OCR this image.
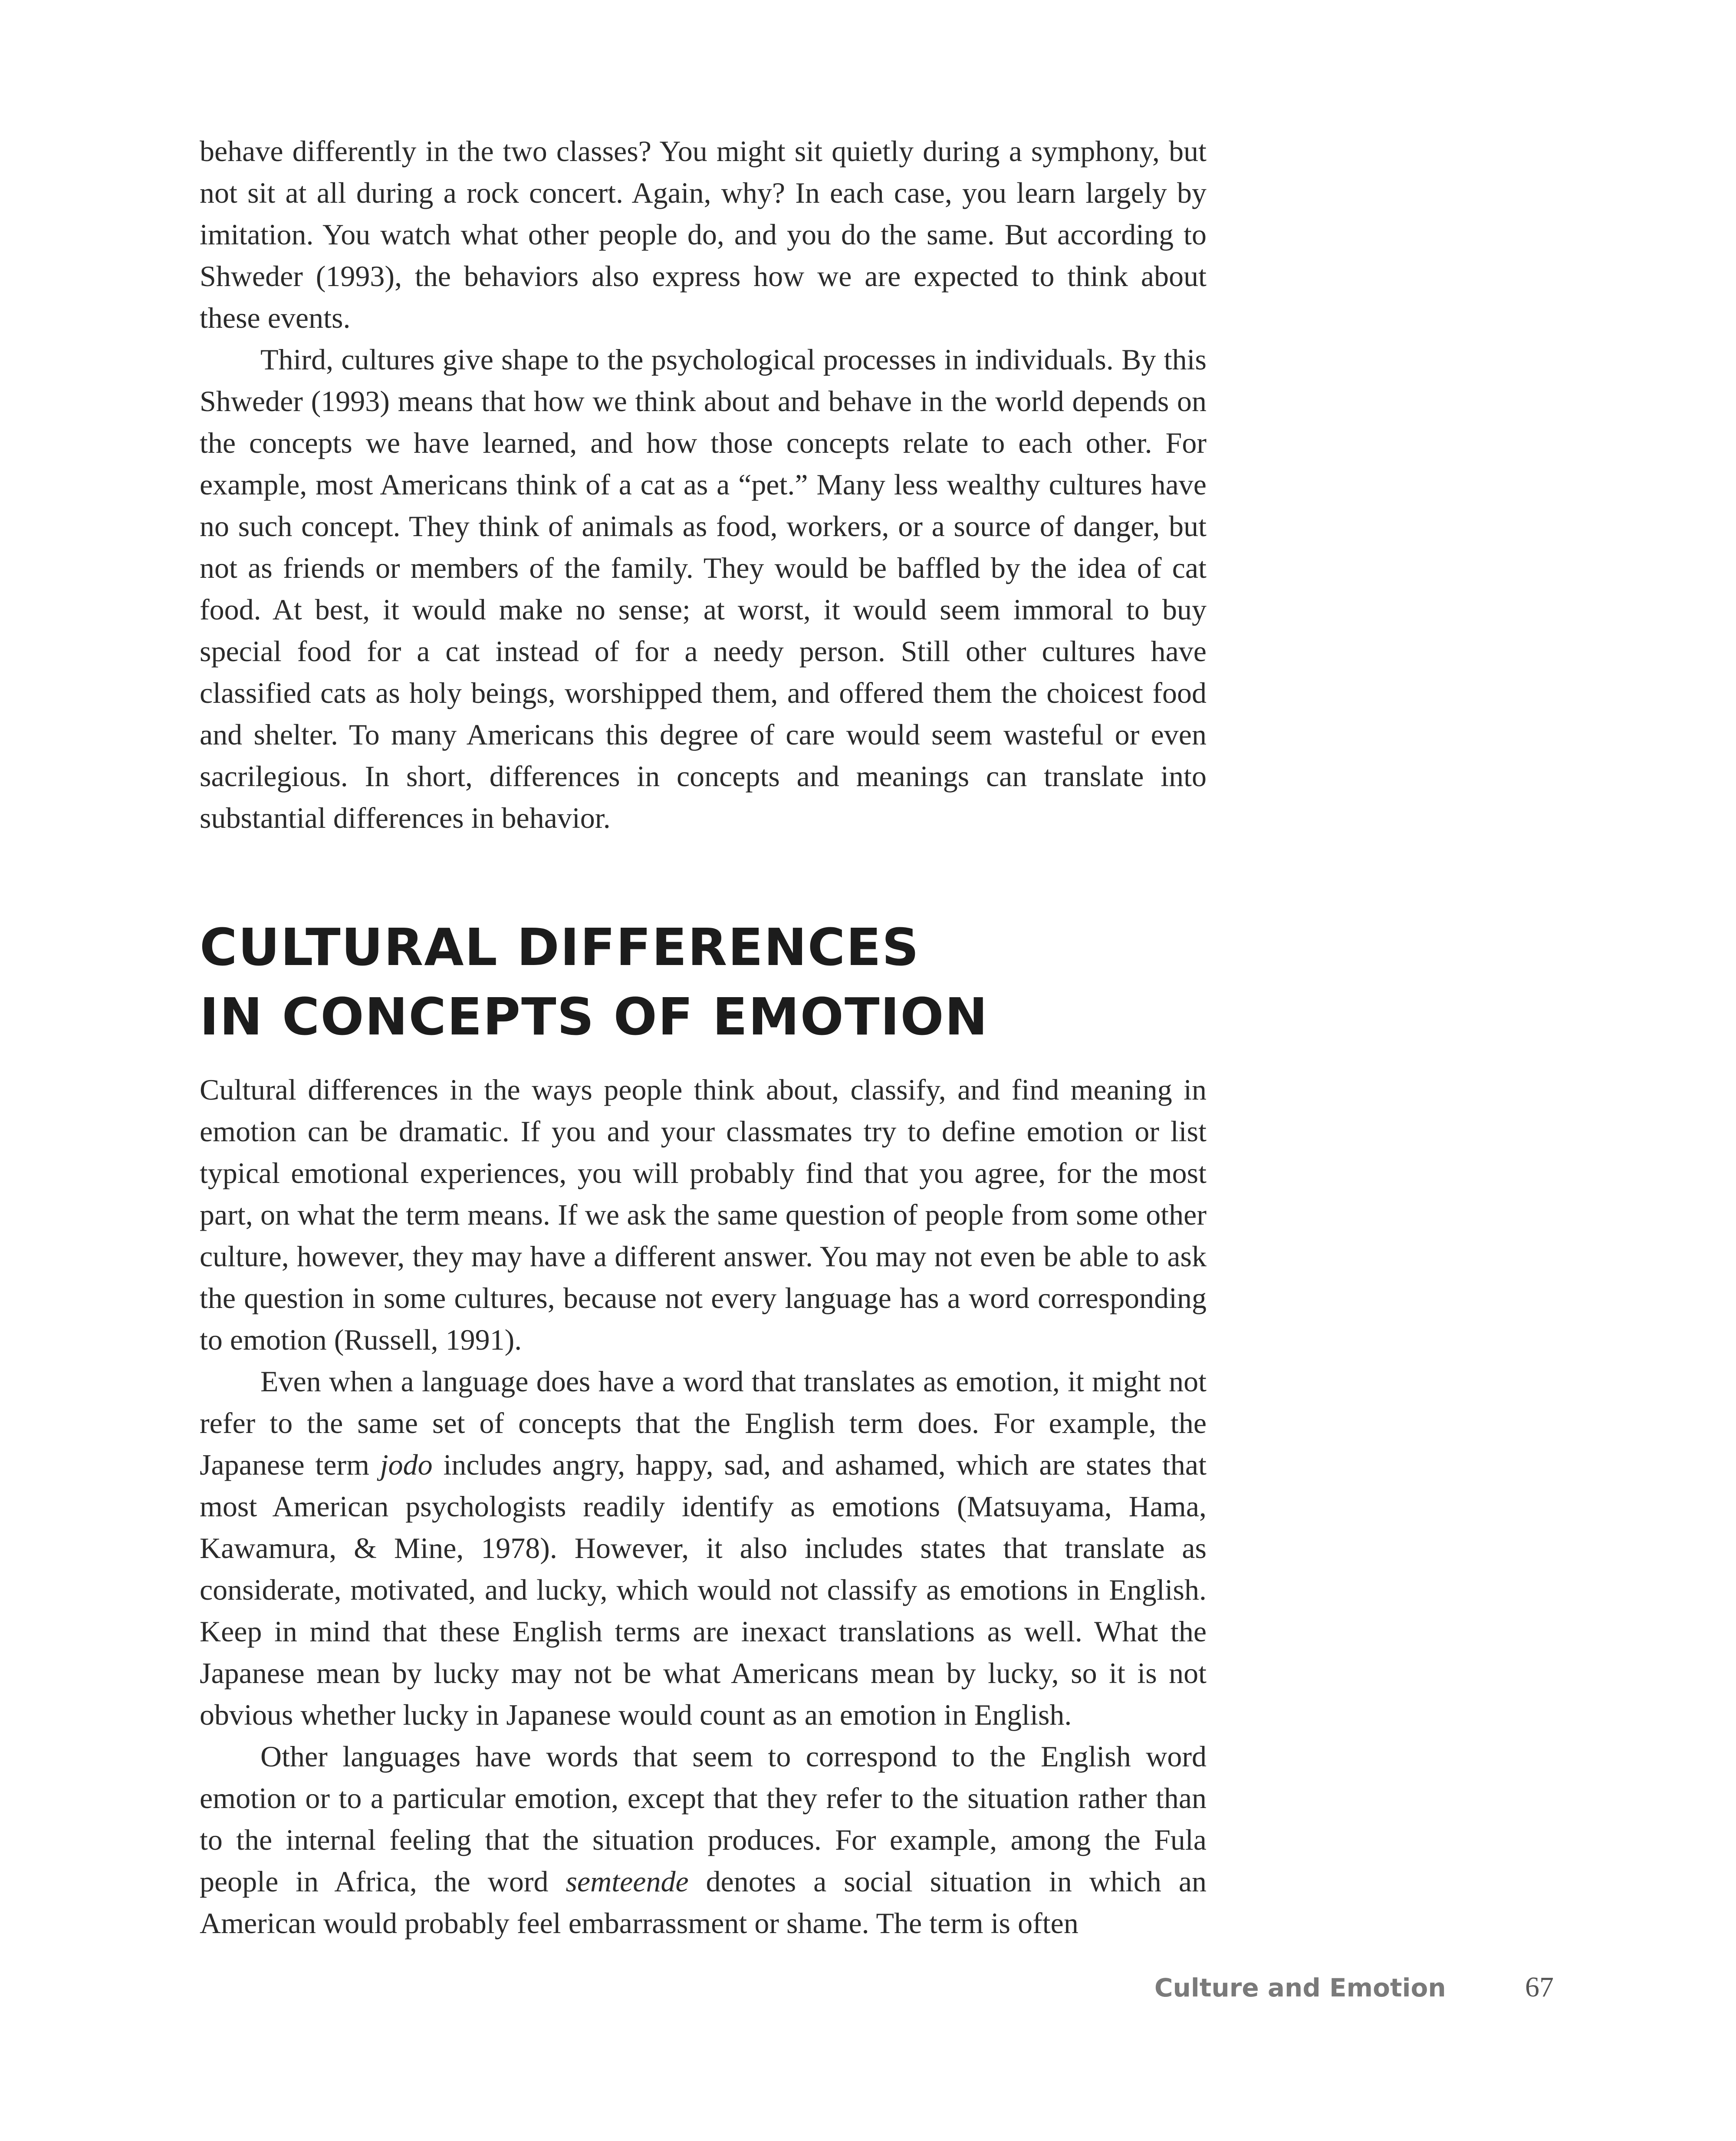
behave differently in the two classes? You might sit quietly during a symphony, but not sit at all during a rock concert. Again, why? In each case, you learn largely by imitation. You watch what other people do, and you do the same. But according to Shweder (1993), the behaviors also express how we are expected to think about these events.

Third, cultures give shape to the psychological processes in individuals. By this Shweder (1993) means that how we think about and behave in the world depends on the concepts we have learned, and how those concepts relate to each other. For example, most Americans think of a cat as a “pet.” Many less wealthy cultures have no such concept. They think of animals as food, workers, or a source of danger, but not as friends or members of the family. They would be baffled by the idea of cat food. At best, it would make no sense; at worst, it would seem immoral to buy special food for a cat instead of for a needy person. Still other cultures have classified cats as holy beings, worshipped them, and offered them the choicest food and shelter. To many Americans this degree of care would seem wasteful or even sacrilegious. In short, differences in concepts and meanings can translate into substantial differences in behavior.

CULTURAL DIFFERENCES
IN CONCEPTS OF EMOTION

Cultural differences in the ways people think about, classify, and find meaning in emotion can be dramatic. If you and your classmates try to define emotion or list typical emotional experiences, you will probably find that you agree, for the most part, on what the term means. If we ask the same question of people from some other culture, however, they may have a different answer. You may not even be able to ask the question in some cultures, because not every language has a word corresponding to emotion (Russell, 1991).

Even when a language does have a word that translates as emotion, it might not refer to the same set of concepts that the English term does. For example, the Japanese term jodo includes angry, happy, sad, and ashamed, which are states that most American psychologists readily identify as emotions (Matsuyama, Hama, Kawamura, & Mine, 1978). However, it also includes states that translate as considerate, motivated, and lucky, which would not classify as emotions in English. Keep in mind that these English terms are inexact translations as well. What the Japanese mean by lucky may not be what Americans mean by lucky, so it is not obvious whether lucky in Japanese would count as an emotion in English.

Other languages have words that seem to correspond to the English word emotion or to a particular emotion, except that they refer to the situation rather than to the internal feeling that the situation produces. For example, among the Fula people in Africa, the word semteende denotes a social situation in which an American would probably feel embarrassment or shame. The term is often

Culture and Emotion	67
